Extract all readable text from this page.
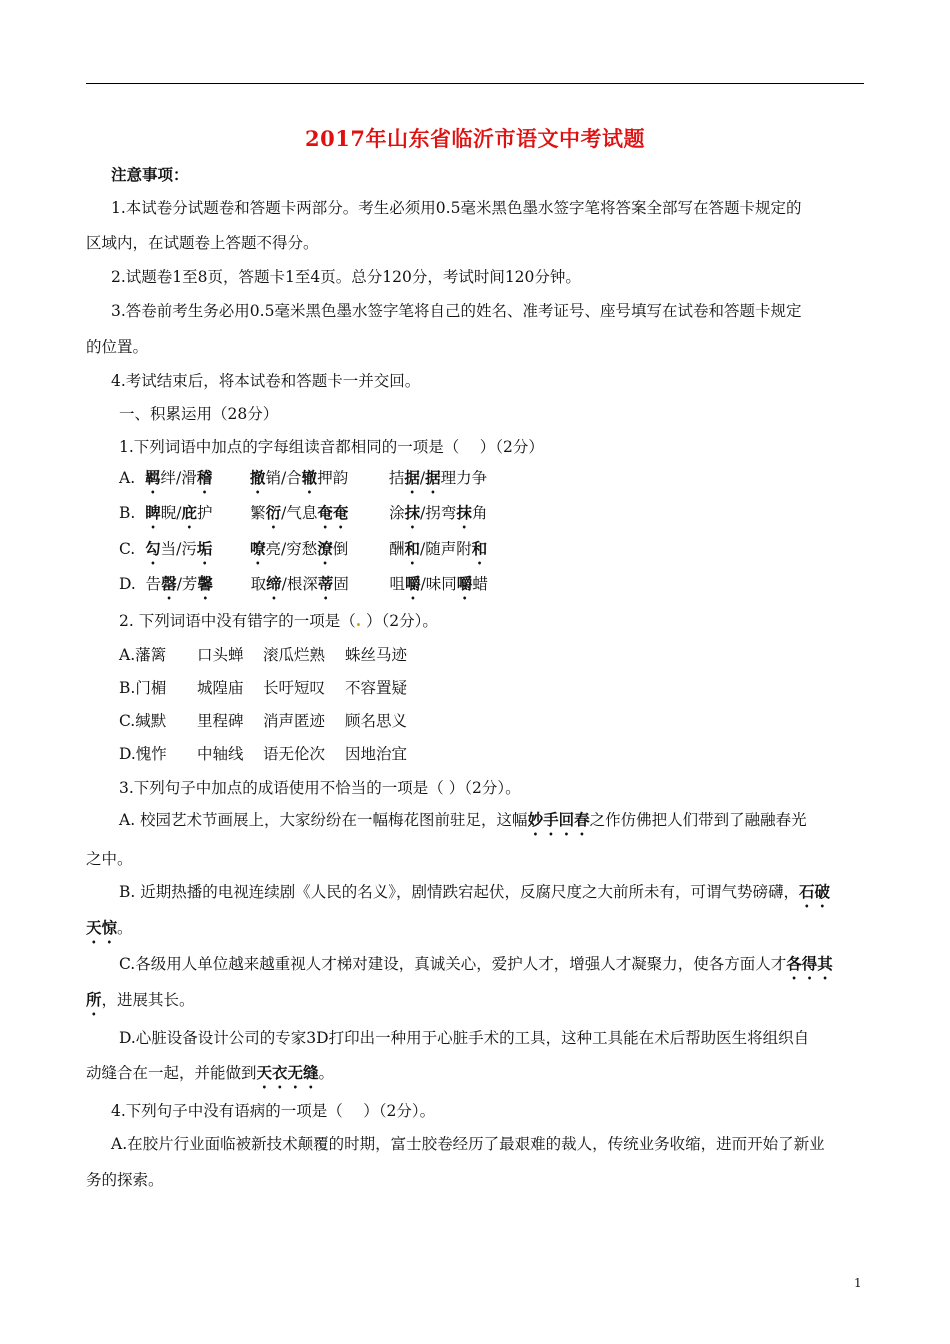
2017年山东省临沂市语文中考试题
注意事项：
1.本试卷分试题卷和答题卡两部分。考生必须用0.5毫米黑色墨水签字笔将答案全部写在答题卡规定的
区域内，在试题卷上答题不得分。
2.试题卷1至8页，答题卡1至4页。总分120分，考试时间120分钟。
3.答卷前考生务必用0.5毫米黑色墨水签字笔将自己的姓名、准考证号、座号填写在试卷和答题卡规定
的位置。
4.考试结束后，将本试卷和答题卡一并交回。
一、积累运用（28分）
1.下列词语中加点的字每组读音都相同的一项是（　 ）（2分）
A. 羁绊/滑稽 撤销/合辙押韵	拮据/据理力争
B. 睥睨/庇护 繁衍/气息奄奄	涂抹/拐弯抹角
C. 勾当/污垢 嘹亮/穷愁潦倒	酬和/随声附和
D. 告罄/芳馨 取缔/根深蒂固	咀嚼/味同嚼蜡
2. 下列词语中没有错字的一项是（. ）（2分）。
A.藩篱 口头蝉 滚瓜烂熟 蛛丝马迹
B.门楣 城隍庙 长吁短叹 不容置疑
C.缄默 里程碑 消声匿迹 顾名思义
D.愧怍 中轴线 语无伦次 因地治宜
3.下列句子中加点的成语使用不恰当的一项是（ ）（2分）。
A. 校园艺术节画展上，大家纷纷在一幅梅花图前驻足，这幅妙手回春之作仿佛把人们带到了融融春光
之中。
B. 近期热播的电视连续剧《人民的名义》，剧情跌宕起伏，反腐尺度之大前所未有，可谓气势磅礴，石破
天惊。
C.各级用人单位越来越重视人才梯对建设，真诚关心，爱护人才，增强人才凝聚力，使各方面人才各得其
所，进展其长。
D.心脏设备设计公司的专家3D打印出一种用于心脏手术的工具，这种工具能在术后帮助医生将组织自
动缝合在一起，并能做到天衣无缝。
4.下列句子中没有语病的一项是（　 ）（2分）。
A.在胶片行业面临被新技术颠覆的时期，富士胶卷经历了最艰难的裁人，传统业务收缩，进而开始了新业
务的探索。
1
